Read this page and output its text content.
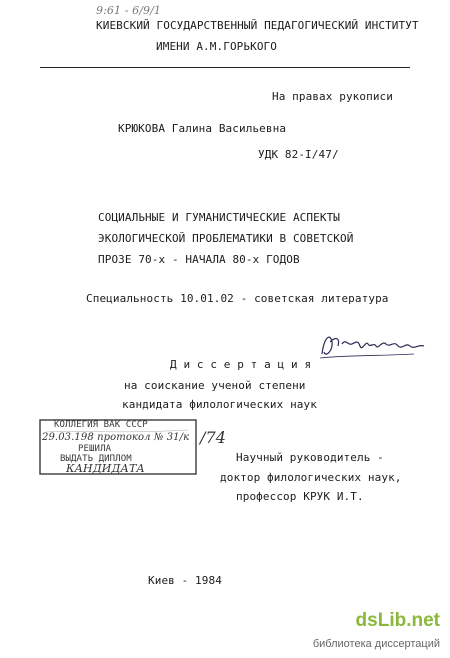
9:61 - 6/9/1
КИЕВСКИЙ ГОСУДАРСТВЕННЫЙ ПЕДАГОГИЧЕСКИЙ ИНСТИТУТ
ИМЕНИ А.М.ГОРЬКОГО
На правах рукописи
КРЮКОВА Галина Васильевна
УДК 82-I/47/
СОЦИАЛЬНЫЕ И ГУМАНИСТИЧЕСКИЕ АСПЕКТЫ
ЭКОЛОГИЧЕСКОЙ ПРОБЛЕМАТИКИ В СОВЕТСКОЙ
ПРОЗЕ 70-х - НАЧАЛА 80-х ГОДОВ
Специальность 10.01.02 - советская литература
Д и с с е р т а ц и я
на соискание ученой степени
кандидата филологических наук
КОЛЛЕГИЯ ВАК СССР
29.03.198 протокол № 31/к
РЕШИЛА
ВЫДАТЬ ДИПЛОМ
КАНДИДАТА
/74
Научный руководитель -
доктор филологических наук,
профессор КРУК И.Т.
Киев - 1984
dsLib.net
библиотека диссертаций
